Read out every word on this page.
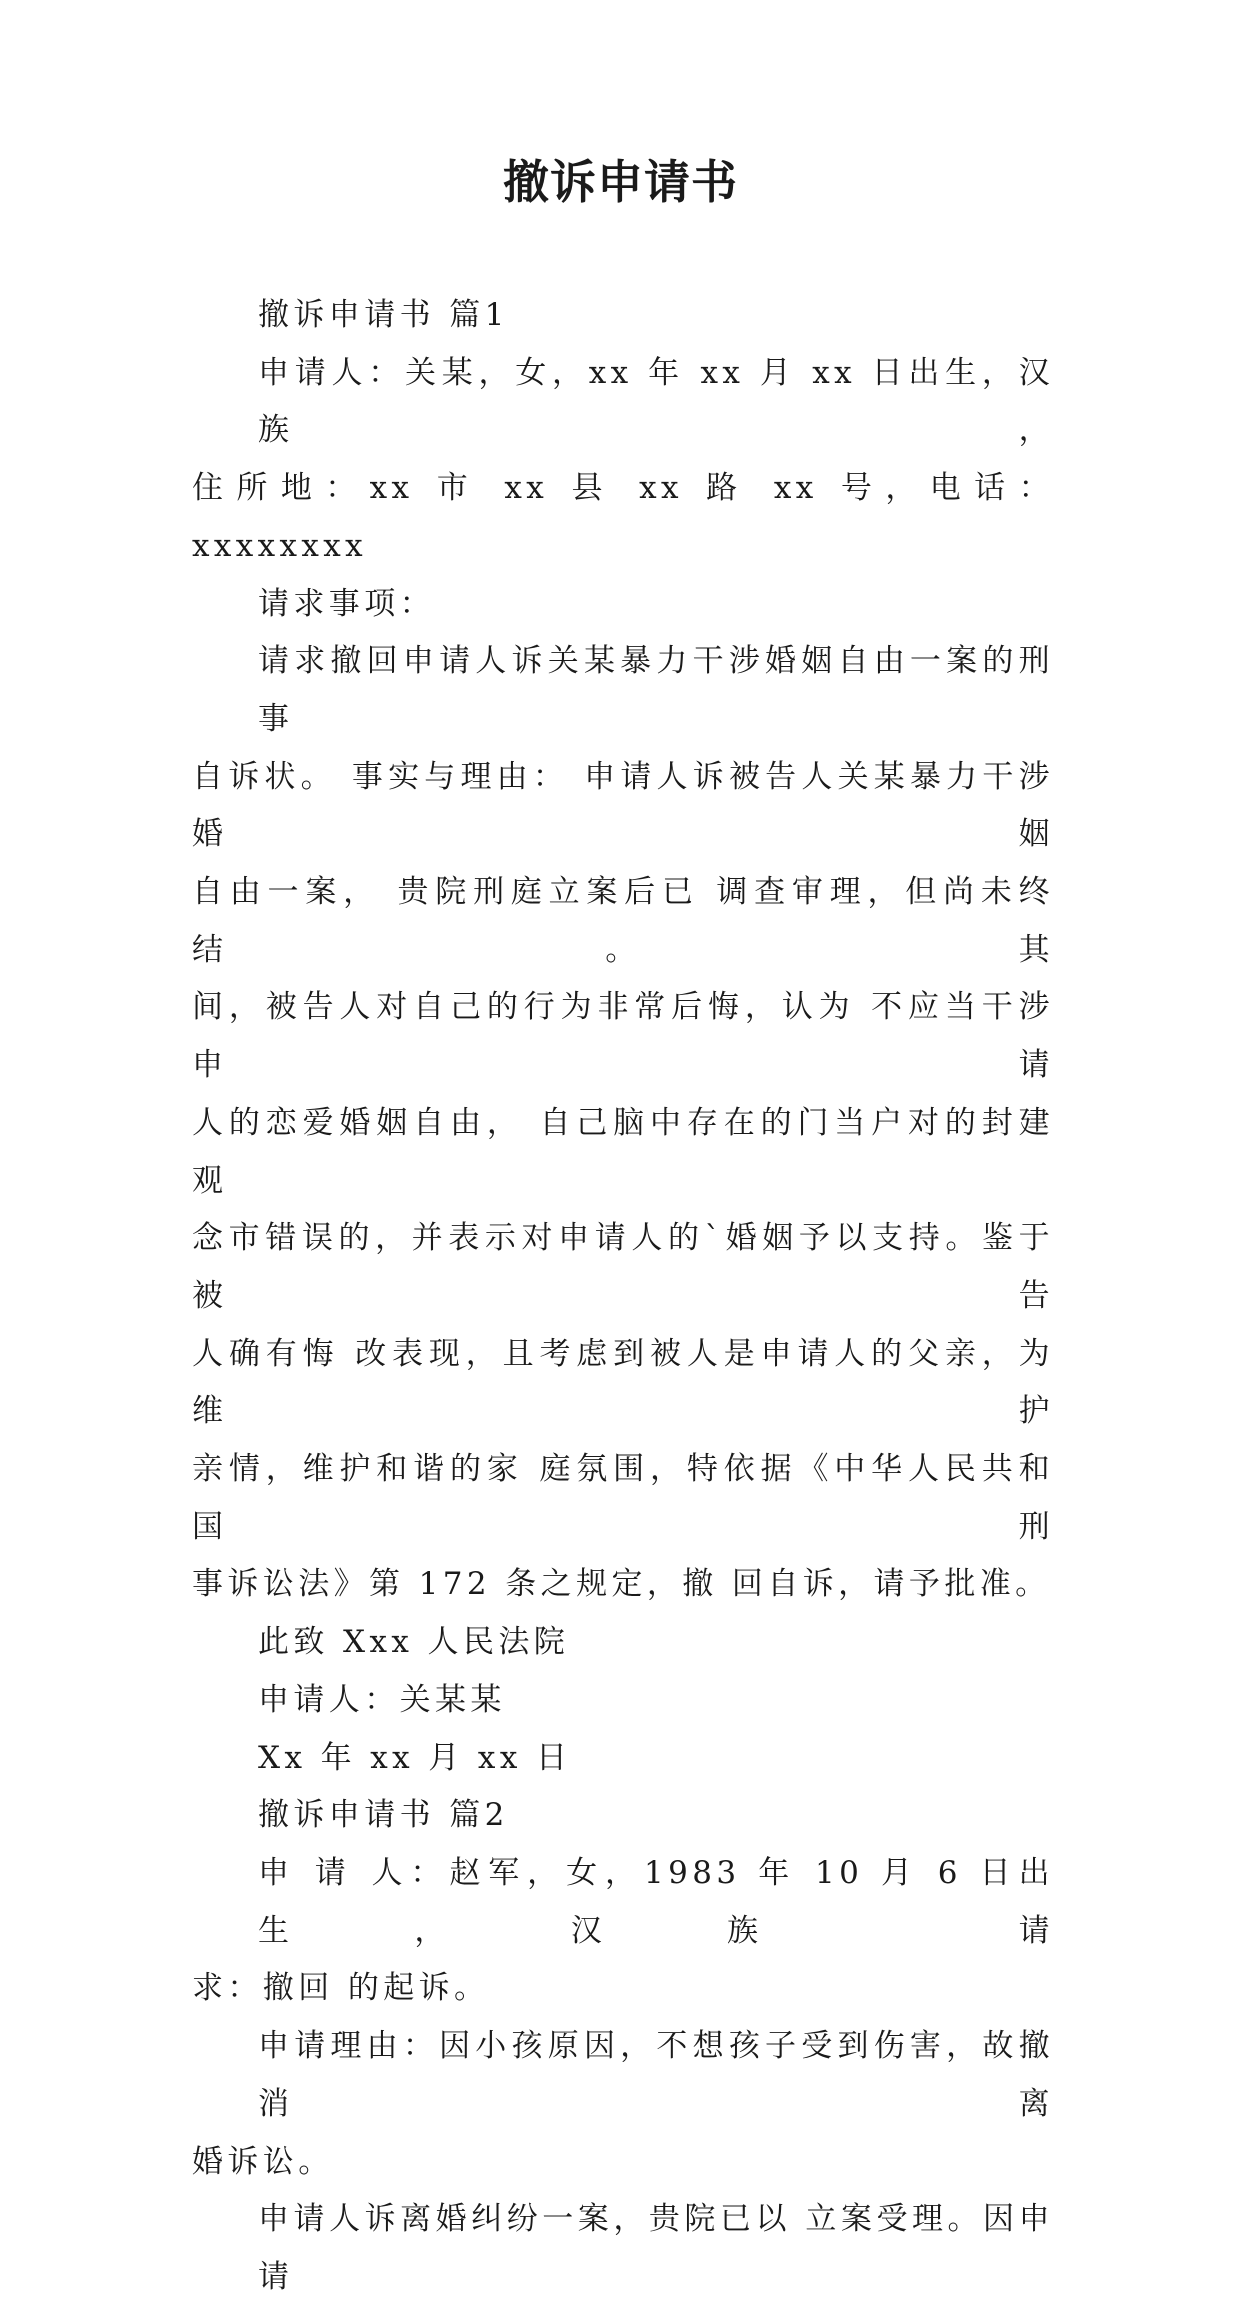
撤诉申请书
撤诉申请书 篇1
申请人：关某，女，xx 年 xx 月 xx 日出生，汉族，
住所地：xx 市 xx 县 xx 路 xx 号，电话：xxxxxxxx
请求事项：
请求撤回申请人诉关某暴力干涉婚姻自由一案的刑事
自诉状。 事实与理由： 申请人诉被告人关某暴力干涉婚姻
自由一案， 贵院刑庭立案后已 调查审理，但尚未终结。其
间，被告人对自己的行为非常后悔，认为 不应当干涉申请
人的恋爱婚姻自由， 自己脑中存在的门当户对的封建 观
念市错误的，并表示对申请人的`婚姻予以支持。鉴于被告
人确有悔 改表现，且考虑到被人是申请人的父亲，为维护
亲情，维护和谐的家 庭氛围，特依据《中华人民共和国刑
事诉讼法》第 172 条之规定，撤 回自诉，请予批准。
此致 Xxx 人民法院
申请人：关某某
Xx 年 xx 月 xx 日
撤诉申请书 篇2
申 请 人：赵军，女，1983 年 10 月 6 日出生，汉族 请
求：撤回 的起诉。
申请理由：因小孩原因，不想孩子受到伤害，故撤消离
婚诉讼。
申请人诉离婚纠纷一案，贵院已以 立案受理。因申请
